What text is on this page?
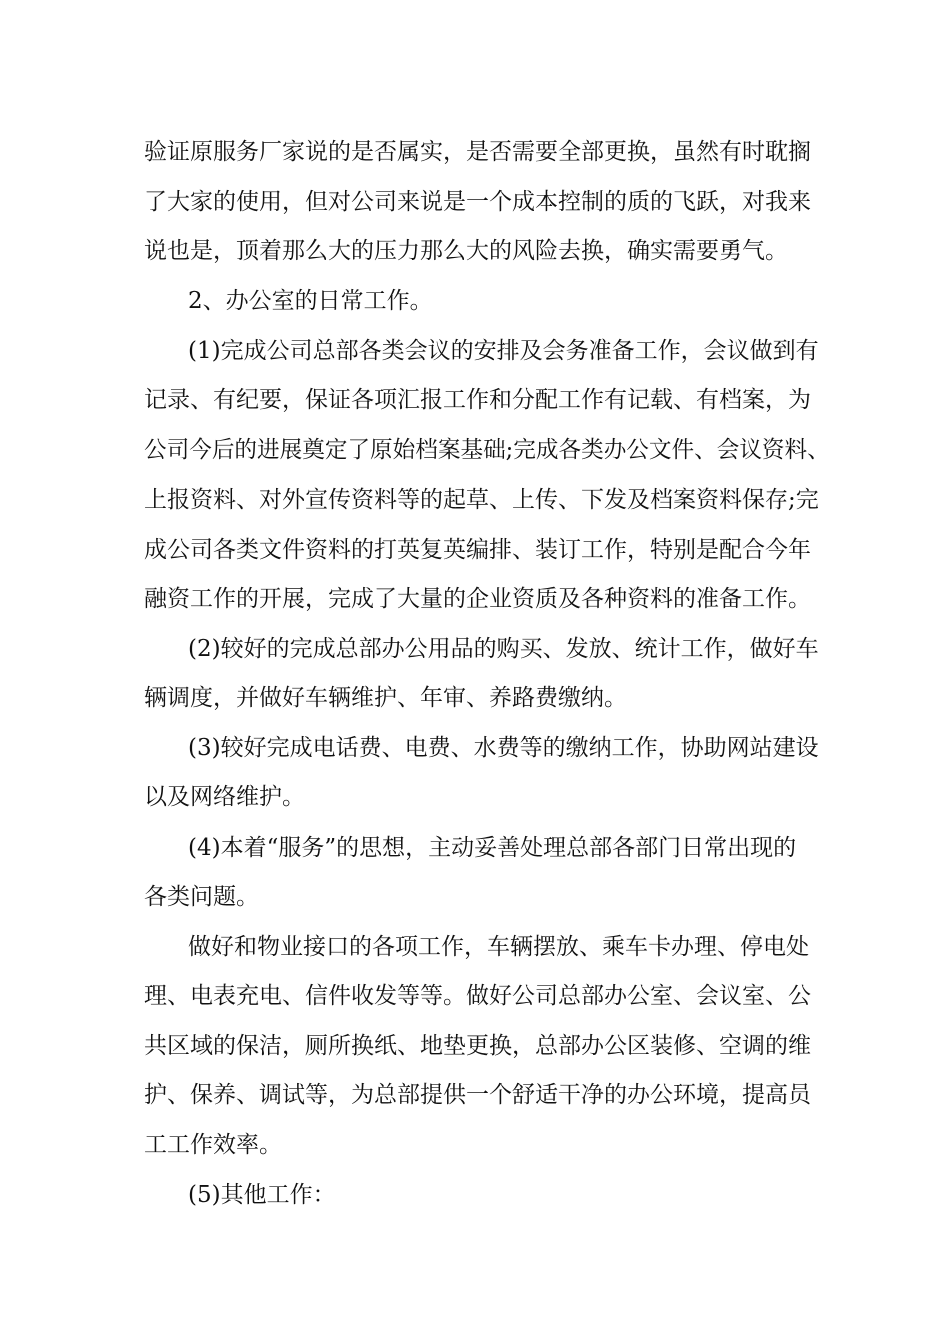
验证原服务厂家说的是否属实，是否需要全部更换，虽然有时耽搁
了大家的使用，但对公司来说是一个成本控制的质的飞跃，对我来
说也是，顶着那么大的压力那么大的风险去换，确实需要勇气。
2、办公室的日常工作。
(1)完成公司总部各类会议的安排及会务准备工作，会议做到有
记录、有纪要，保证各项汇报工作和分配工作有记载、有档案，为
公司今后的进展奠定了原始档案基础;完成各类办公文件、会议资料、
上报资料、对外宣传资料等的起草、上传、下发及档案资料保存;完
成公司各类文件资料的打英复英编排、装订工作，特别是配合今年
融资工作的开展，完成了大量的企业资质及各种资料的准备工作。
(2)较好的完成总部办公用品的购买、发放、统计工作，做好车
辆调度，并做好车辆维护、年审、养路费缴纳。
(3)较好完成电话费、电费、水费等的缴纳工作，协助网站建设
以及网络维护。
(4)本着“服务”的思想，主动妥善处理总部各部门日常出现的
各类问题。
做好和物业接口的各项工作，车辆摆放、乘车卡办理、停电处
理、电表充电、信件收发等等。做好公司总部办公室、会议室、公
共区域的保洁，厕所换纸、地垫更换，总部办公区装修、空调的维
护、保养、调试等，为总部提供一个舒适干净的办公环境，提高员
工工作效率。
(5)其他工作：
